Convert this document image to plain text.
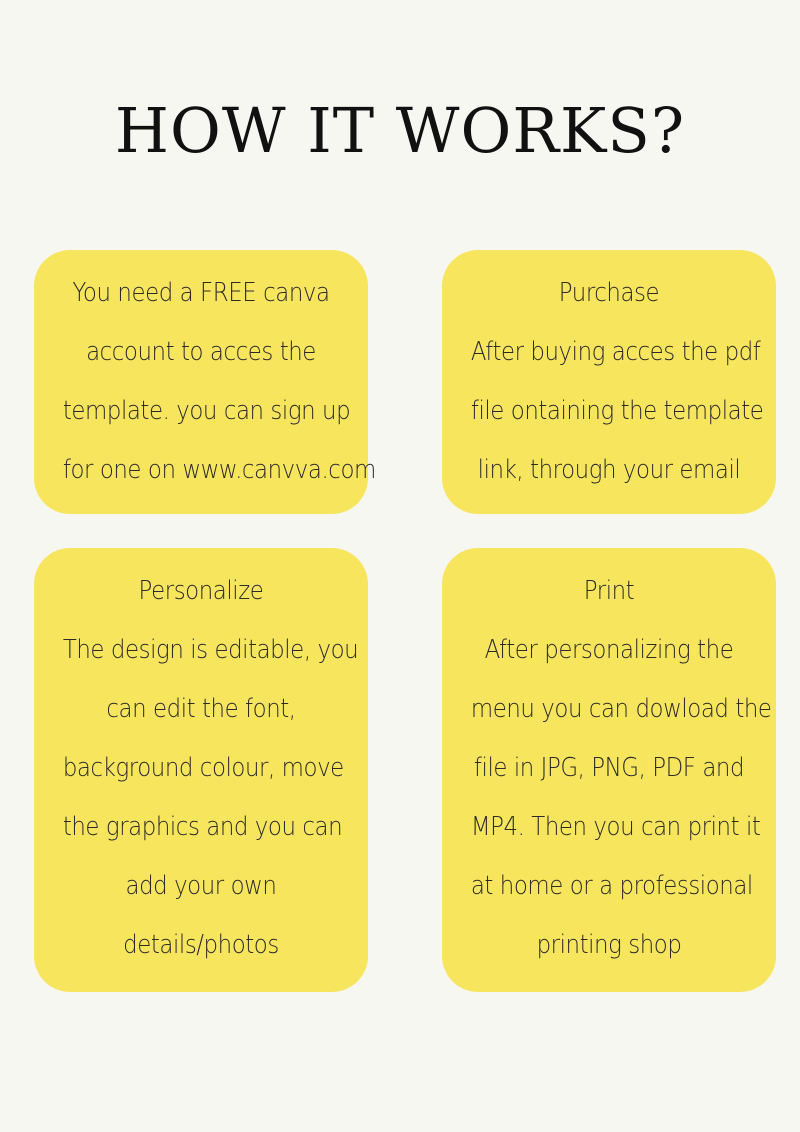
HOW IT WORKS?
You need a FREE canva
account to acces the
template. you can sign up
for one on www.canvva.com
Purchase
After buying acces the pdf
file ontaining the template
link, through your email
Personalize
The design is editable, you
can edit the font,
background colour, move
the graphics and you can
add your own
details/photos
Print
After personalizing the
menu you can dowload the
file in JPG, PNG, PDF and
MP4. Then you can print it
at home or a professional
printing shop
